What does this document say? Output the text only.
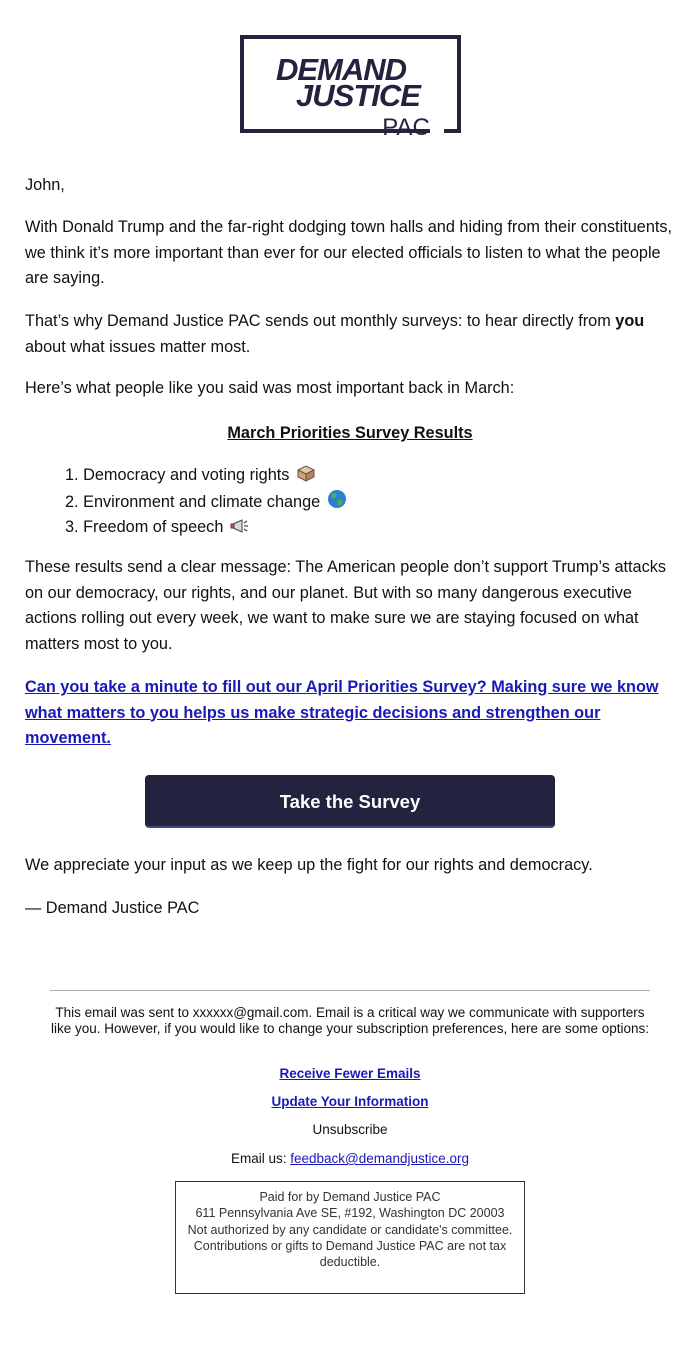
DEMAND
JUSTICE
PAC

John,

With Donald Trump and the far-right dodging town halls and hiding from their constituents, we think it’s more important than ever for our elected officials to listen to what the people are saying.

That’s why Demand Justice PAC sends out monthly surveys: to hear directly from you about what issues matter most.

Here’s what people like you said was most important back in March:

March Priorities Survey Results
1. Democracy and voting rights
2. Environment and climate change
3. Freedom of speech

These results send a clear message: The American people don’t support Trump’s attacks on our democracy, our rights, and our planet. But with so many dangerous executive actions rolling out every week, we want to make sure we are staying focused on what matters most to you.

Can you take a minute to fill out our April Priorities Survey? Making sure we know what matters to you helps us make strategic decisions and strengthen our movement.
Take the Survey

We appreciate your input as we keep up the fight for our rights and democracy.

— Demand Justice PAC

This email was sent to xxxxxx@gmail.com. Email is a critical way we communicate with supporters like you. However, if you would like to change your subscription preferences, here are some options:

Receive Fewer Emails
Update Your Information
Unsubscribe
Email us: feedback@demandjustice.org
Paid for by Demand Justice PAC
611 Pennsylvania Ave SE, #192, Washington DC 20003
Not authorized by any candidate or candidate's committee.
Contributions or gifts to Demand Justice PAC are not tax deductible.
